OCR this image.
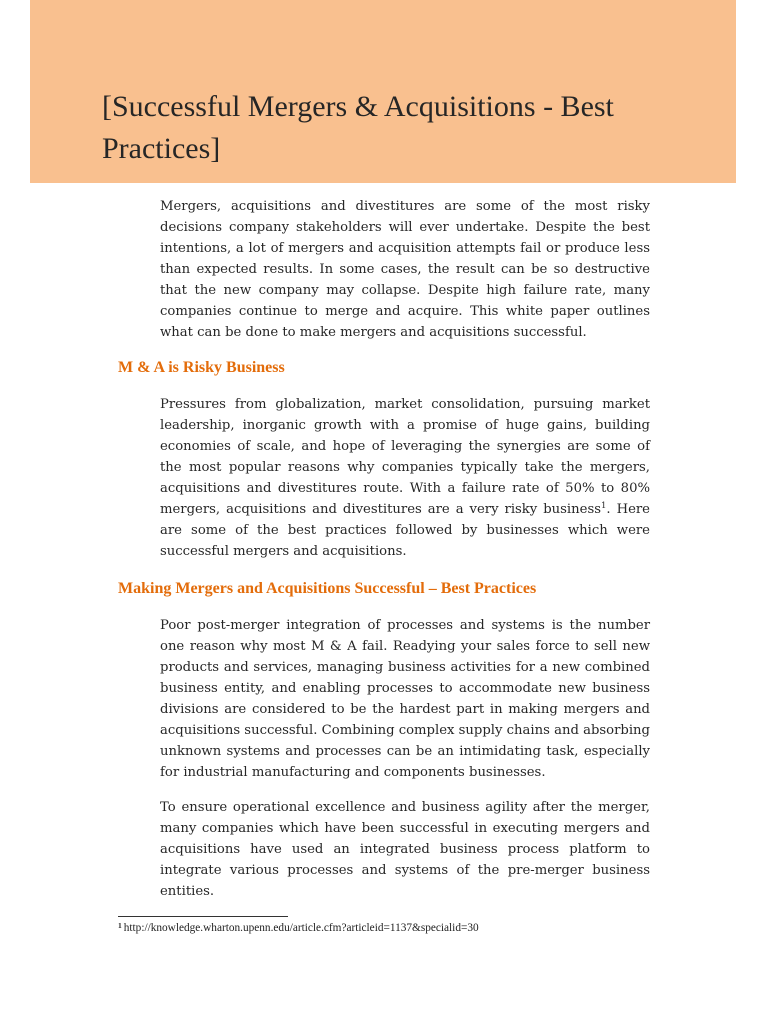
[Successful Mergers & Acquisitions - Best Practices]

Mergers, acquisitions and divestitures are some of the most risky decisions company stakeholders will ever undertake. Despite the best intentions, a lot of mergers and acquisition attempts fail or produce less than expected results. In some cases, the result can be so destructive that the new company may collapse. Despite high failure rate, many companies continue to merge and acquire. This white paper outlines what can be done to make mergers and acquisitions successful.

M & A is Risky Business

Pressures from globalization, market consolidation, pursuing market leadership, inorganic growth with a promise of huge gains, building economies of scale, and hope of leveraging the synergies are some of the most popular reasons why companies typically take the mergers, acquisitions and divestitures route. With a failure rate of 50% to 80% mergers, acquisitions and divestitures are a very risky business$^1$. Here are some of the best practices followed by businesses which were successful mergers and acquisitions.

Making Mergers and Acquisitions Successful – Best Practices

Poor post-merger integration of processes and systems is the number one reason why most M & A fail. Readying your sales force to sell new products and services, managing business activities for a new combined business entity, and enabling processes to accommodate new business divisions are considered to be the hardest part in making mergers and acquisitions successful. Combining complex supply chains and absorbing unknown systems and processes can be an intimidating task, especially for industrial manufacturing and components businesses.

To ensure operational excellence and business agility after the merger, many companies which have been successful in executing mergers and acquisitions have used an integrated business process platform to integrate various processes and systems of the pre-merger business entities.

$^1$ http://knowledge.wharton.upenn.edu/article.cfm?articleid=1137&specialid=30
